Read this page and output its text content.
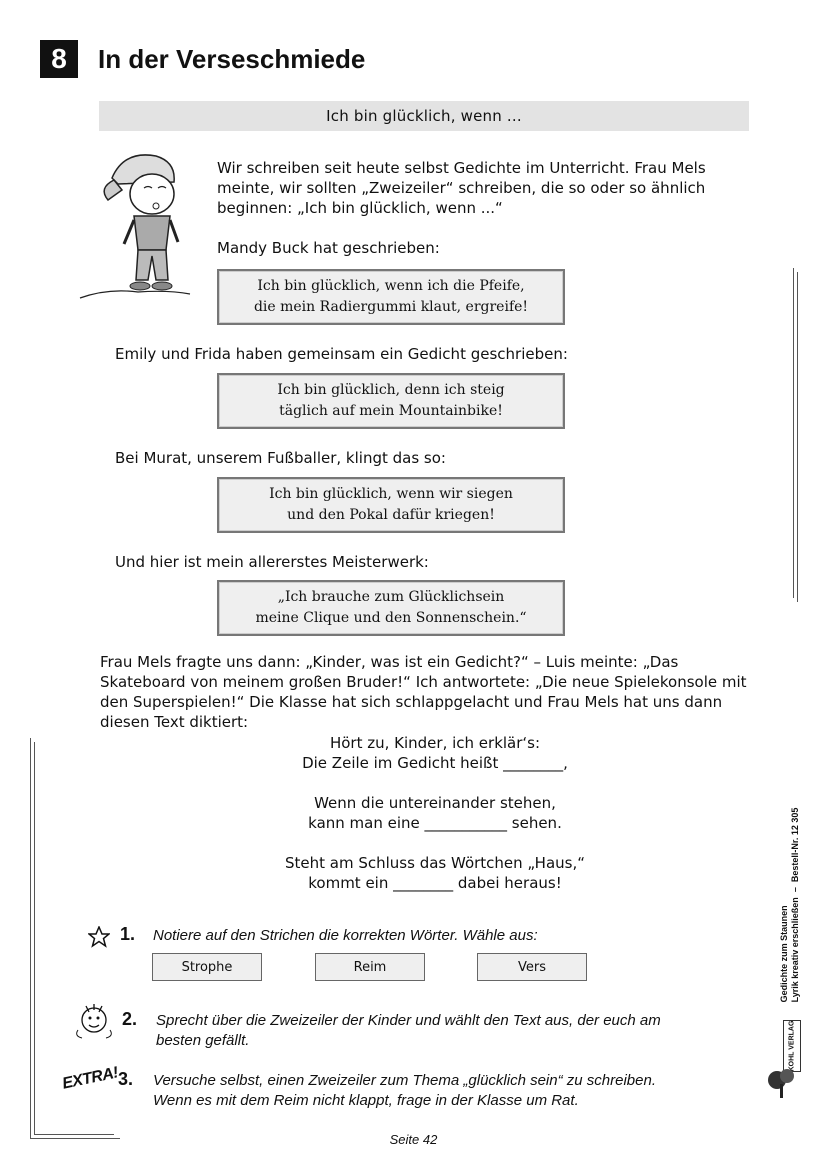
8	In der Verseschmiede
Ich bin glücklich, wenn ...
Wir schreiben seit heute selbst Gedichte im Unterricht. Frau Mels
meinte, wir sollten „Zweizeiler“ schreiben, die so oder so ähnlich
beginnen: „Ich bin glücklich, wenn ...“
Mandy Buck hat geschrieben:
Ich bin glücklich, wenn ich die Pfeife,
die mein Radiergummi klaut, ergreife!
Emily und Frida haben gemeinsam ein Gedicht geschrieben:
Ich bin glücklich, denn ich steig
täglich auf mein Mountainbike!
Bei Murat, unserem Fußballer, klingt das so:
Ich bin glücklich, wenn wir siegen
und den Pokal dafür kriegen!
Und hier ist mein allererstes Meisterwerk:
„Ich brauche zum Glücklichsein
meine Clique und den Sonnenschein.“
Frau Mels fragte uns dann: „Kinder, was ist ein Gedicht?“ – Luis meinte: „Das
Skateboard von meinem großen Bruder!“ Ich antwortete: „Die neue Spielekonsole mit
den Superspielen!“ Die Klasse hat sich schlappgelacht und Frau Mels hat uns dann
diesen Text diktiert:
Hört zu, Kinder, ich erklär‘s:
Die Zeile im Gedicht heißt ________,
Wenn die untereinander stehen,
kann man eine ___________ sehen.
Steht am Schluss das Wörtchen „Haus,“
kommt ein ________ dabei heraus!
1. Notiere auf den Strichen die korrekten Wörter. Wähle aus:
Strophe	Reim	Vers
2. Sprecht über die Zweizeiler der Kinder und wählt den Text aus, der euch am
besten gefällt.
EXTRA!
3. Versuche selbst, einen Zweizeiler zum Thema „glücklich sein“ zu schreiben.
Wenn es mit dem Reim nicht klappt, frage in der Klasse um Rat.
Gedichte zum Staunen
Lyrik kreativ erschließen  –  Bestell-Nr. 12 305
KOHL VERLAG
Seite 42
